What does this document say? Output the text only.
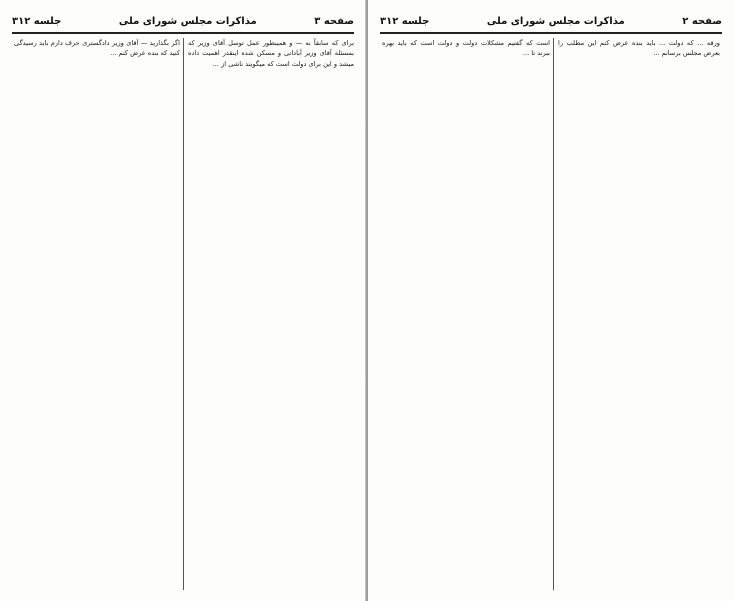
صفحه ۳
مذاکرات مجلس شورای ملی
جلسه ۳۱۲

برای که سابقاً نه — و همینطور عمل توسل آقای وزیر که بمسئله آقای وزیر آبادانی و مسکن شده اینقدر اهمیت داده میشد و این برای دولت است که میگویند ناشی از ...

اگر بگذارید — آقای وزیر دادگستری حرف دارم باید رسیدگی کنید که بنده عرض کنم ...

صفحه ۲
مذاکرات مجلس شورای ملی
جلسه ۳۱۲

ورقه ... که دولت ... باید بنده عرض کنم این مطلب را بعرض مجلس برسانم ...

است که گفتیم مشکلات دولت و دولت است که باید بهره ببرند تا ...
